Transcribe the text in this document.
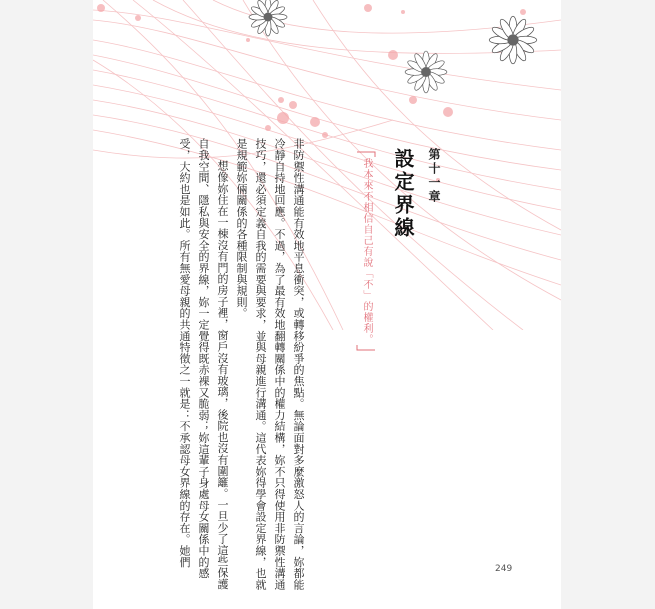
第十一章
設定界線
我本來不相信自己有說「不」的權利。

非防禦性溝通能有效地平息衝突，或轉移紛爭的焦點。無論面對多麼激怒人的言論，妳都能冷靜自持地回應。不過，為了最有效地翻轉關係中的權力結構，妳不只得使用非防禦性溝通技巧，還必須定義自我的需要與要求，並與母親進行溝通。這代表妳得學會設定界線，也就是規範妳倆關係的各種限制與規則。

想像妳住在一棟沒有門的房子裡，窗戶沒有玻璃，後院也沒有圍籬。一旦少了這些保護自我空間、隱私與安全的界線，妳一定覺得既赤裸又脆弱；妳這輩子身處母女關係中的感受，大約也是如此。所有無愛母親的共通特徵之一就是：不承認母女界線的存在。她們

249
